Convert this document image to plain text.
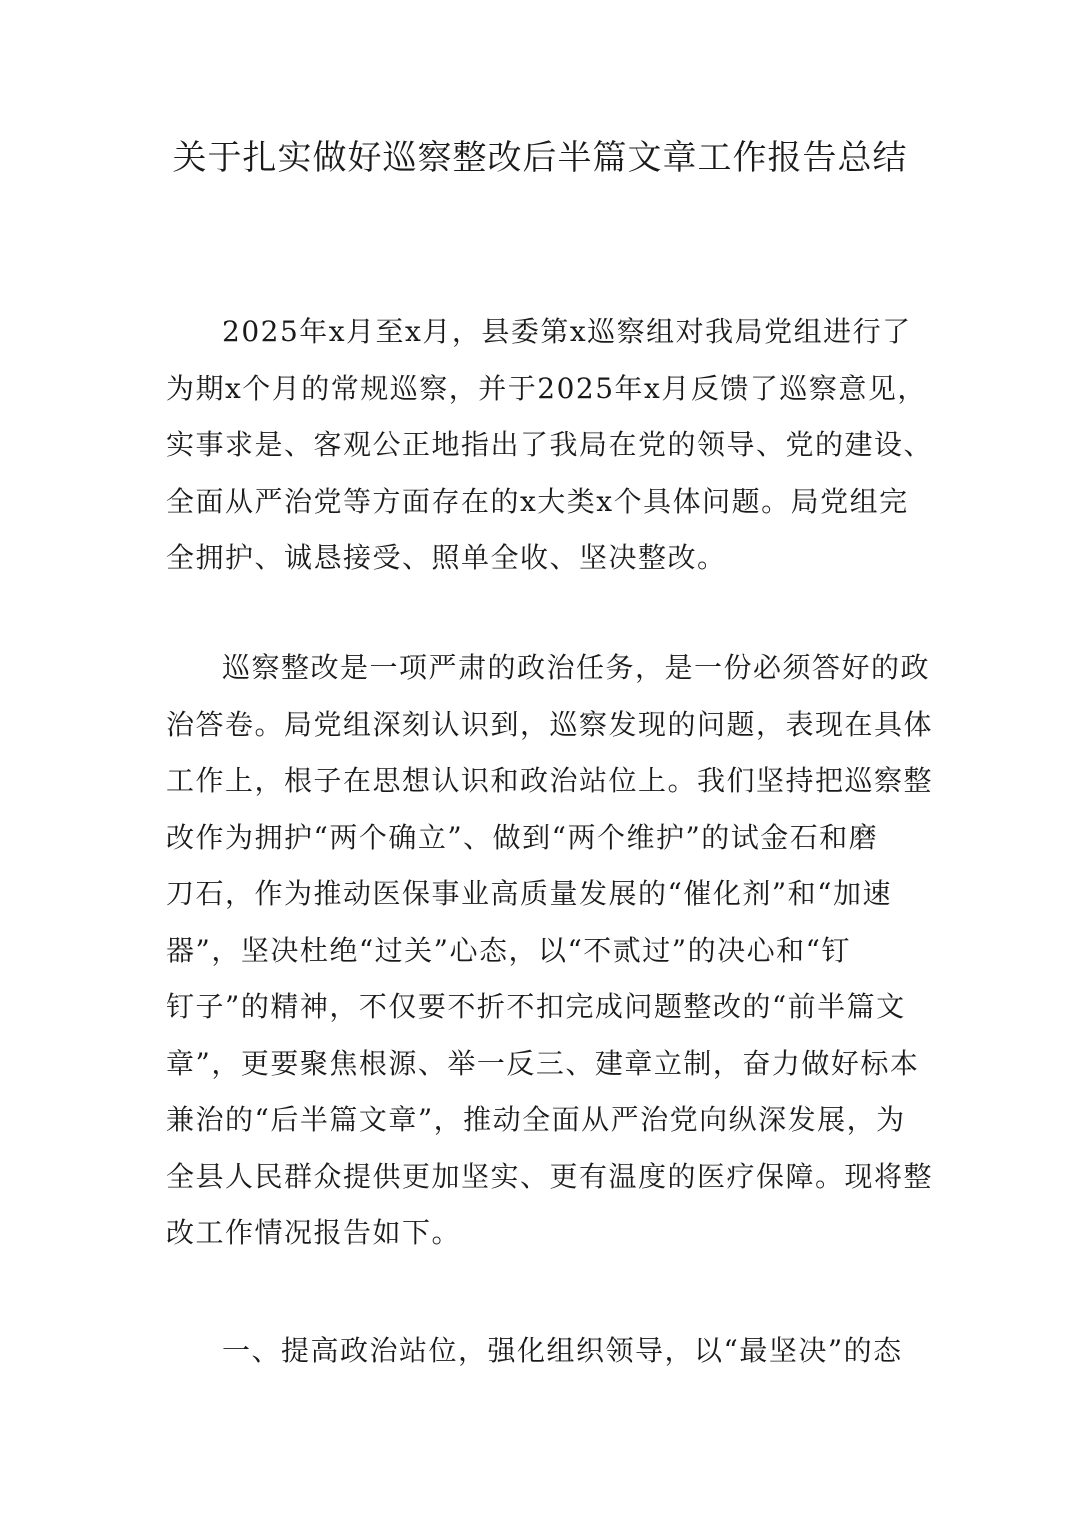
关于扎实做好巡察整改后半篇文章工作报告总结
2025年x月至x月，县委第x巡察组对我局党组进行了
为期x个月的常规巡察，并于2025年x月反馈了巡察意见，
实事求是、客观公正地指出了我局在党的领导、党的建设、
全面从严治党等方面存在的x大类x个具体问题。局党组完
全拥护、诚恳接受、照单全收、坚决整改。
巡察整改是一项严肃的政治任务，是一份必须答好的政
治答卷。局党组深刻认识到，巡察发现的问题，表现在具体
工作上，根子在思想认识和政治站位上。我们坚持把巡察整
改作为拥护“两个确立”、做到“两个维护”的试金石和磨
刀石，作为推动医保事业高质量发展的“催化剂”和“加速
器”，坚决杜绝“过关”心态，以“不贰过”的决心和“钉
钉子”的精神，不仅要不折不扣完成问题整改的“前半篇文
章”，更要聚焦根源、举一反三、建章立制，奋力做好标本
兼治的“后半篇文章”，推动全面从严治党向纵深发展，为
全县人民群众提供更加坚实、更有温度的医疗保障。现将整
改工作情况报告如下。
一、提高政治站位，强化组织领导，以“最坚决”的态
